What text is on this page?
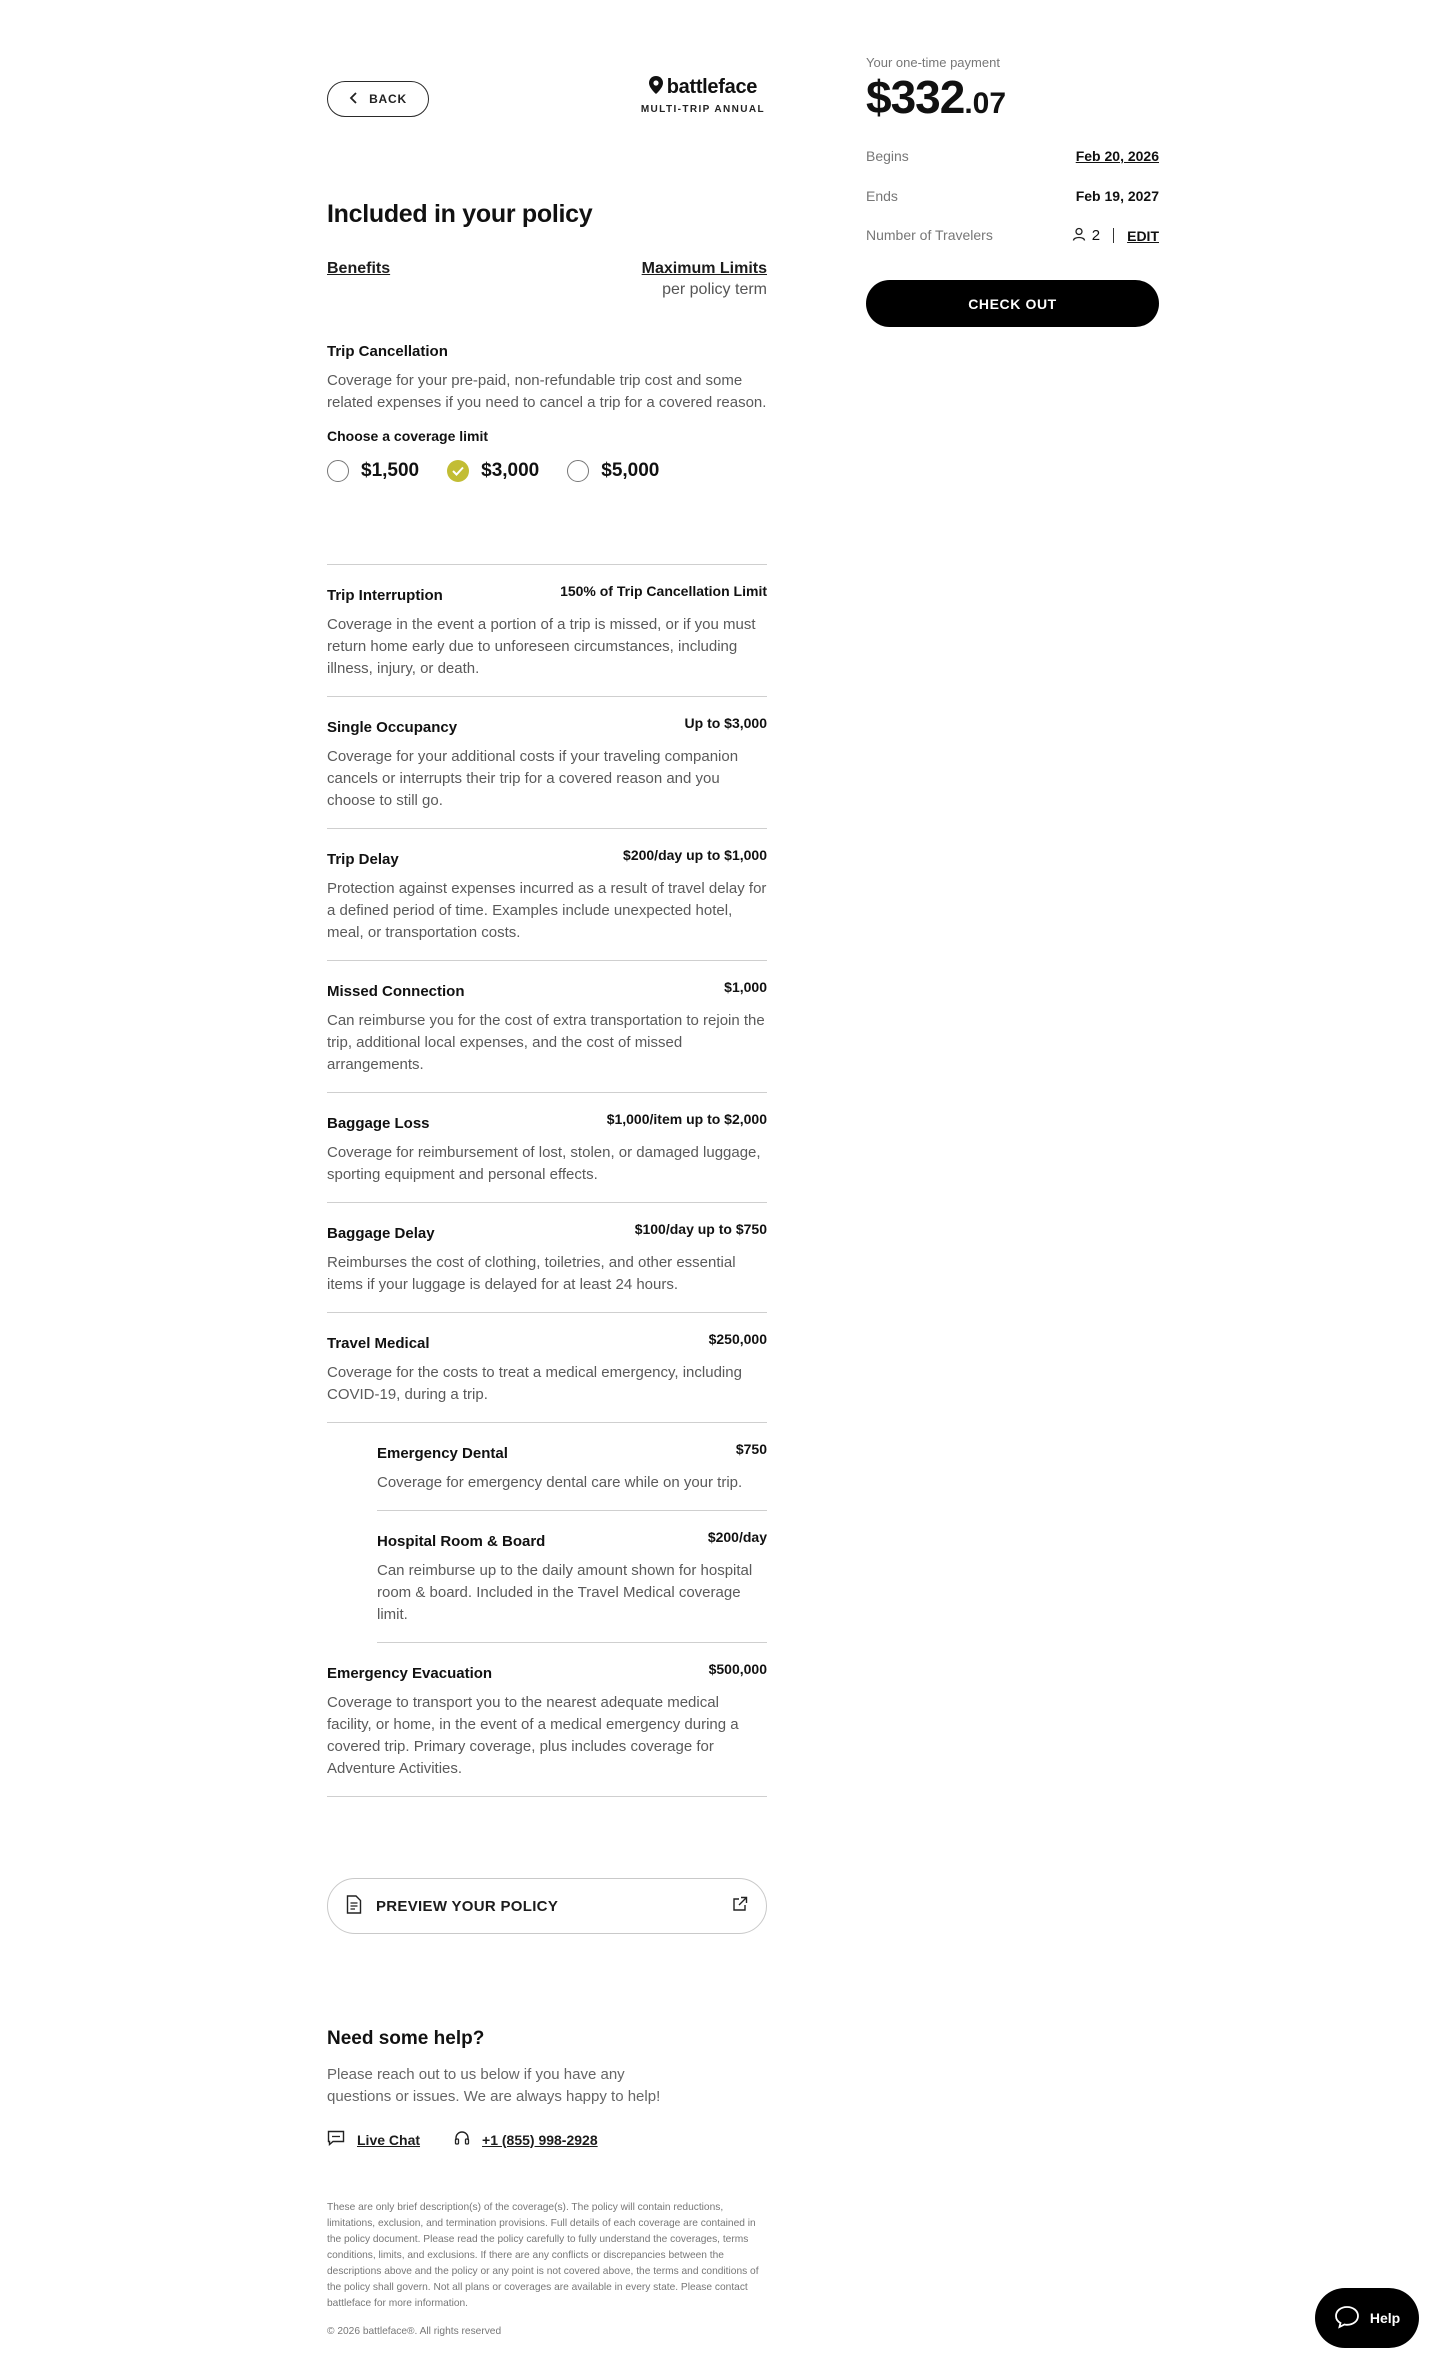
BACK
battleface
MULTI-TRIP ANNUAL
Included in your policy
Benefits	Maximum Limits
per policy term
Trip Cancellation
Coverage for your pre-paid, non-refundable trip cost and some related expenses if you need to cancel a trip for a covered reason.
Choose a coverage limit
$1,500	$3,000	$5,000
Trip Interruption	150% of Trip Cancellation Limit
Coverage in the event a portion of a trip is missed, or if you must return home early due to unforeseen circumstances, including illness, injury, or death.
Single Occupancy	Up to $3,000
Coverage for your additional costs if your traveling companion cancels or interrupts their trip for a covered reason and you choose to still go.
Trip Delay	$200/day up to $1,000
Protection against expenses incurred as a result of travel delay for a defined period of time. Examples include unexpected hotel, meal, or transportation costs.
Missed Connection	$1,000
Can reimburse you for the cost of extra transportation to rejoin the trip, additional local expenses, and the cost of missed arrangements.
Baggage Loss	$1,000/item up to $2,000
Coverage for reimbursement of lost, stolen, or damaged luggage, sporting equipment and personal effects.
Baggage Delay	$100/day up to $750
Reimburses the cost of clothing, toiletries, and other essential items if your luggage is delayed for at least 24 hours.
Travel Medical	$250,000
Coverage for the costs to treat a medical emergency, including COVID-19, during a trip.
Emergency Dental	$750
Coverage for emergency dental care while on your trip.
Hospital Room & Board	$200/day
Can reimburse up to the daily amount shown for hospital room & board. Included in the Travel Medical coverage limit.
Emergency Evacuation	$500,000
Coverage to transport you to the nearest adequate medical facility, or home, in the event of a medical emergency during a covered trip. Primary coverage, plus includes coverage for Adventure Activities.
PREVIEW YOUR POLICY
Need some help?

Please reach out to us below if you have any questions or issues. We are always happy to help!

Live Chat	+1 (855) 998-2928
These are only brief description(s) of the coverage(s). The policy will contain reductions, limitations, exclusion, and termination provisions. Full details of each coverage are contained in the policy document. Please read the policy carefully to fully understand the coverages, terms conditions, limits, and exclusions. If there are any conflicts or discrepancies between the descriptions above and the policy or any point is not covered above, the terms and conditions of the policy shall govern. Not all plans or coverages are available in every state. Please contact battleface for more information.
© 2026 battleface®. All rights reserved
Your one-time payment
$332 .07
Begins	Feb 20, 2026
Ends	Feb 19, 2027
Number of Travelers	2 EDIT
CHECK OUT
Help
